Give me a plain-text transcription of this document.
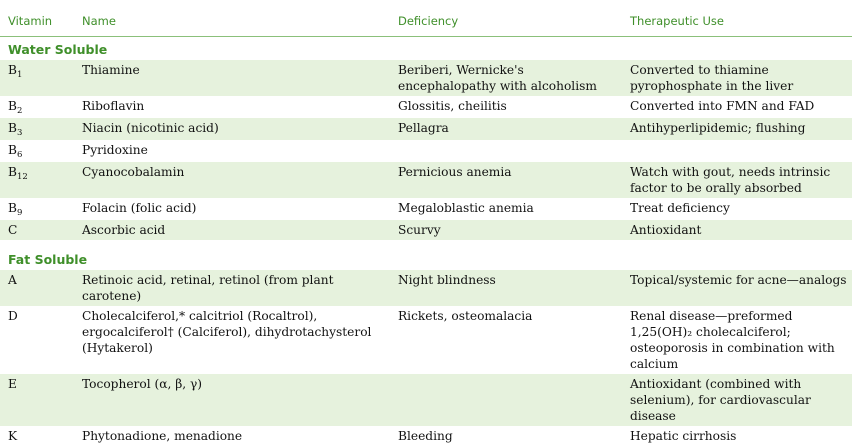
Vitamin	Name	Deficiency	Therapeutic Use
Water Soluble			
$B_1$	Thiamine	Beriberi, Wernicke's encephalopathy with alcoholism	Converted to thiamine pyrophosphate in the liver
$B_2$	Riboflavin	Glossitis, cheilitis	Converted into FMN and FAD
$B_3$	Niacin (nicotinic acid)	Pellagra	Antihyperlipidemic; flushing
$B_6$	Pyridoxine		
$B_{12}$	Cyanocobalamin	Pernicious anemia	Watch with gout, needs intrinsic factor to be orally absorbed
$B_9$	Folacin (folic acid)	Megaloblastic anemia	Treat deficiency
C	Ascorbic acid	Scurvy	Antioxidant
Fat Soluble			
A	Retinoic acid, retinal, retinol (from plant carotene)	Night blindness	Topical/systemic for acne—analogs
D	Cholecalciferol,* calcitriol (Rocaltrol), ergocalciferol† (Calciferol), dihydrotachysterol (Hytakerol)	Rickets, osteomalacia	Renal disease—preformed 1,25(OH)₂ cholecalciferol; osteoporosis in combination with calcium
E	Tocopherol (α, β, γ)		Antioxidant (combined with selenium), for cardiovascular disease
K	Phytonadione, menadione	Bleeding	Hepatic cirrhosis
